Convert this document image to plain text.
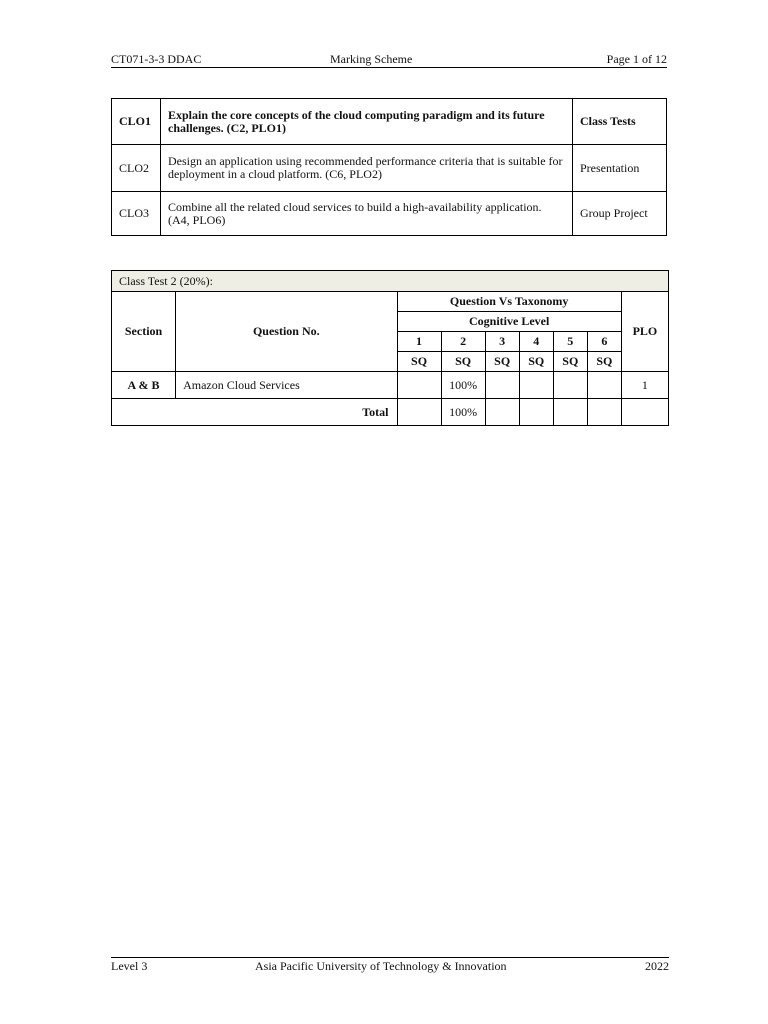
CT071-3-3 DDAC	Marking Scheme	Page 1 of 12
CLO1	Explain the core concepts of the cloud computing paradigm and its future challenges. (C2, PLO1)	Class Tests
CLO2	Design an application using recommended performance criteria that is suitable for deployment in a cloud platform. (C6, PLO2)	Presentation
CLO3	Combine all the related cloud services to build a high-availability application. (A4, PLO6)	Group Project
Class Test 2 (20%):								
Section	Question No.	Question Vs Taxonomy						PLO
		Cognitive Level						
		1	2	3	4	5	6	
		SQ	SQ	SQ	SQ	SQ	SQ	
A & B	Amazon Cloud Services		100%					1
Total			100%					
Level 3	Asia Pacific University of Technology & Innovation	2022
